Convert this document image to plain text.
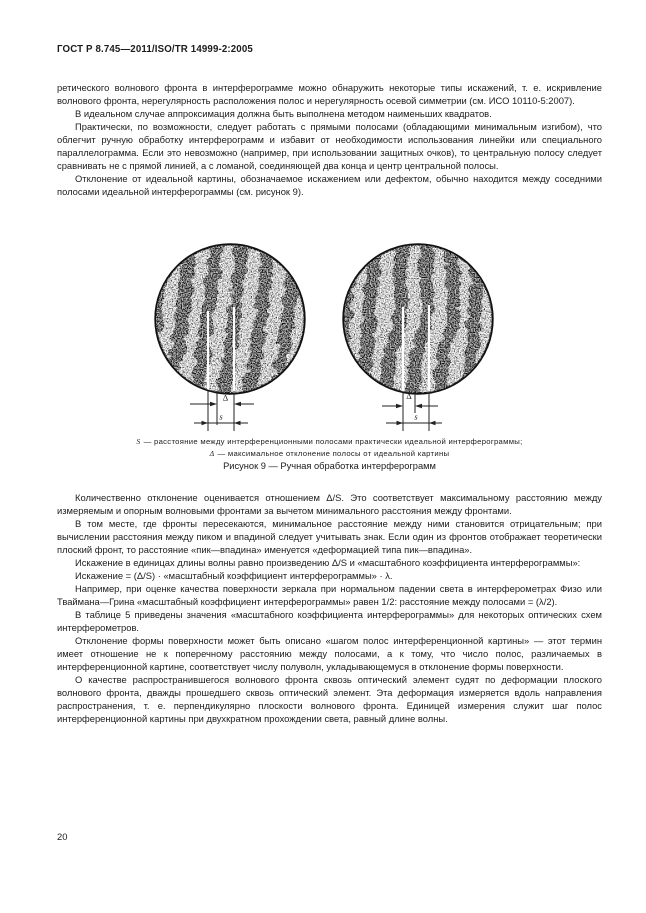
ГОСТ Р 8.745—2011/ISO/TR 14999-2:2005

ретического волнового фронта в интерферограмме можно обнаружить некоторые типы искажений, т. е. искривление волнового фронта, нерегулярность расположения полос и нерегулярность осевой симметрии (см. ИСО 10110-5:2007).

В идеальном случае аппроксимация должна быть выполнена методом наименьших квадратов.

Практически, по возможности, следует работать с прямыми полосами (обладающими минимальным изгибом), что облегчит ручную обработку интерферограмм и избавит от необходимости использования линейки или специального параллелограмма. Если это невозможно (например, при использовании защитных очков), то центральную полосу следует сравнивать не с прямой линией, а с ломаной, соединяющей два конца и центр центральной полосы.

Отклонение от идеальной картины, обозначаемое искажением или дефектом, обычно находится между соседними полосами идеальной интерферограммы (см. рисунок 9).

Δ
s
Δ
s
S — расстояние между интерференционными полосами практически идеальной интерферограммы;
Δ — максимальное отклонение полосы от идеальной картины
Рисунок 9 — Ручная обработка интерферограмм

Количественно отклонение оценивается отношением Δ/S. Это соответствует максимальному расстоянию между измеряемым и опорным волновыми фронтами за вычетом минимального расстояния между фронтами.

В том месте, где фронты пересекаются, минимальное расстояние между ними становится отрицательным; при вычислении расстояния между пиком и впадиной следует учитывать знак. Если один из фронтов отображает теоретически плоский фронт, то расстояние «пик—впадина» именуется «деформацией типа пик—впадина».

Искажение в единицах длины волны равно произведению Δ/S и «масштабного коэффициента интерферограммы»:

Искажение = (Δ/S) · «масштабный коэффициент интерферограммы» · λ.

Например, при оценке качества поверхности зеркала при нормальном падении света в интерферометрах Физо или Тваймана—Грина «масштабный коэффициент интерферограммы» равен 1/2: расстояние между полосами = (λ/2).

В таблице 5 приведены значения «масштабного коэффициента интерферограммы» для некоторых оптических схем интерферометров.

Отклонение формы поверхности может быть описано «шагом полос интерференционной картины» — этот термин имеет отношение не к поперечному расстоянию между полосами, а к тому, что число полос, различаемых в интерференционной картине, соответствует числу полуволн, укладывающемуся в отклонение формы поверхности.

О качестве распространившегося волнового фронта сквозь оптический элемент судят по деформации плоского волнового фронта, дважды прошедшего сквозь оптический элемент. Эта деформация измеряется вдоль направления распространения, т. е. перпендикулярно плоскости волнового фронта. Единицей измерения служит шаг полос интерференционной картины при двухкратном прохождении света, равный длине волны.

20
